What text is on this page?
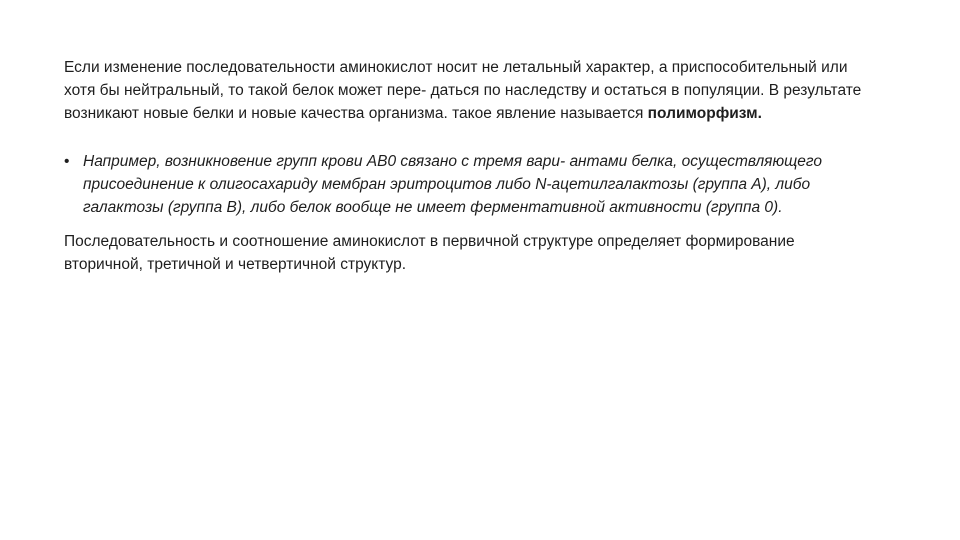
Если изменение последовательности аминокислот носит не летальный характер, а приспособительный или хотя бы нейтральный, то такой белок может пере- даться по наследству и остаться в популяции. В результате возникают новые белки и новые качества организма. такое явление называется полиморфизм.

• Например, возникновение групп крови АВ0 связано с тремя вари- антами белка, осуществляющего присоединение к олигосахариду мембран эритроцитов либо N-ацетилгалактозы (группа А), либо галактозы (группа В), либо белок вообще не имеет ферментативной активности (группа 0).

Последовательность и соотношение аминокислот в первичной структуре определяет формирование вторичной, третичной и четвертичной структур.
